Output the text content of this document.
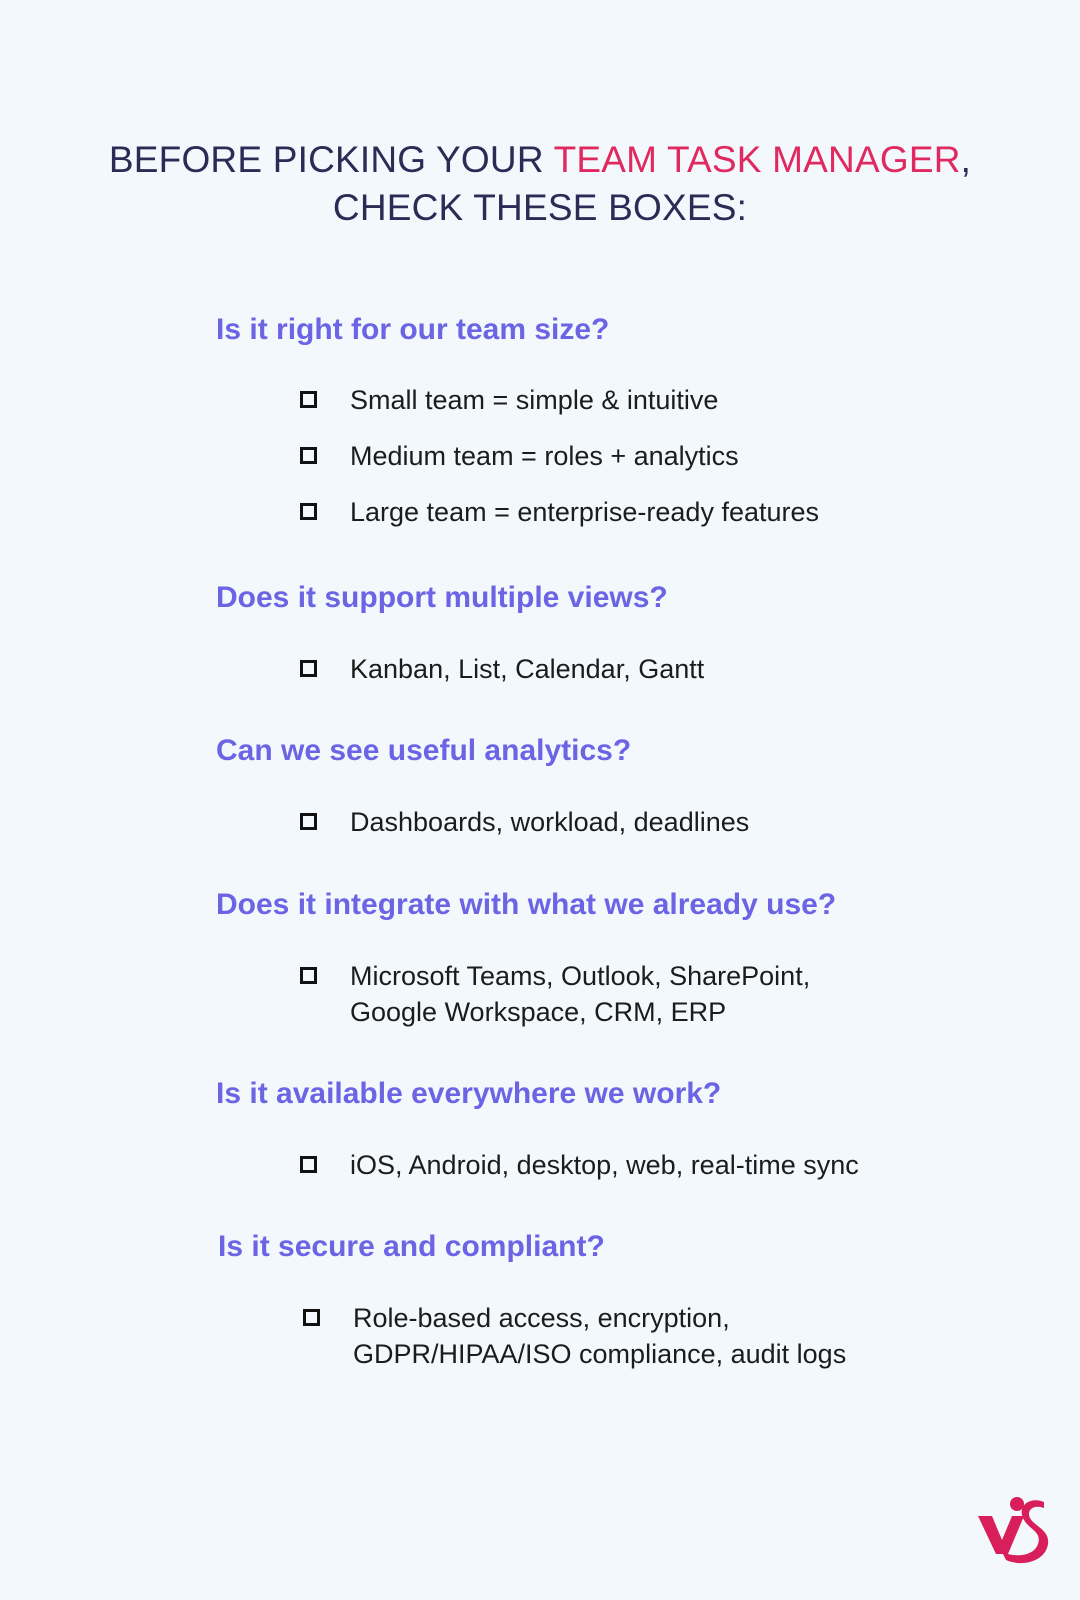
BEFORE PICKING YOUR TEAM TASK MANAGER,
CHECK THESE BOXES:
Is it right for our team size?
Small team = simple & intuitive
Medium team = roles + analytics
Large team = enterprise-ready features
Does it support multiple views?
Kanban, List, Calendar, Gantt
Can we see useful analytics?
Dashboards, workload, deadlines
Does it integrate with what we already use?
Microsoft Teams, Outlook, SharePoint,
Google Workspace, CRM, ERP
Is it available everywhere we work?
iOS, Android, desktop, web, real-time sync
Is it secure and compliant?
Role-based access, encryption,
GDPR/HIPAA/ISO compliance, audit logs
